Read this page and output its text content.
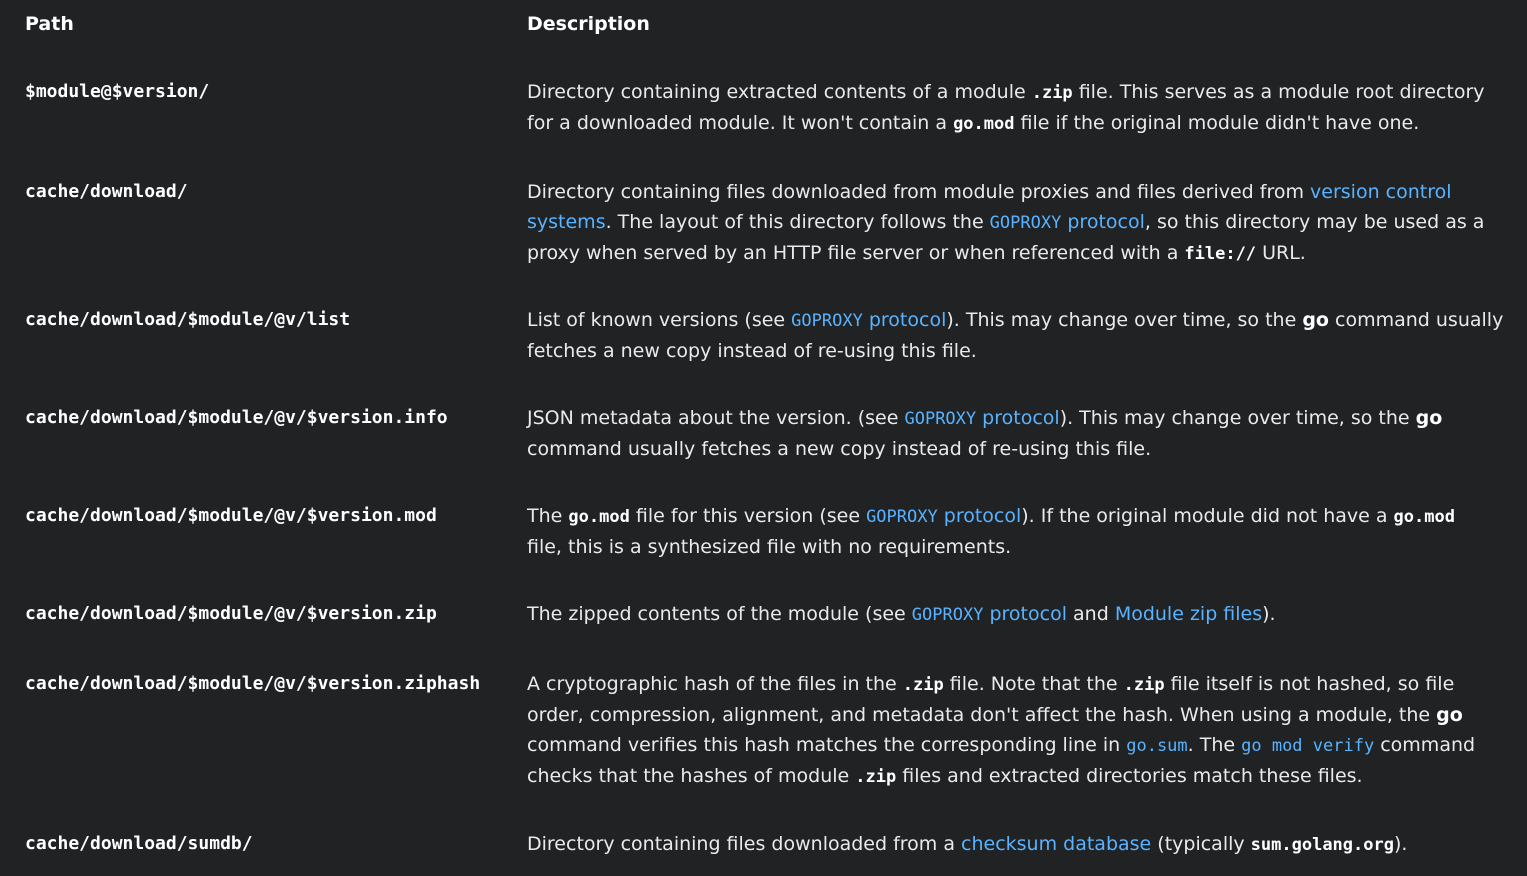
Path	Description
$module@$version/	Directory containing extracted contents of a module .zip file. This serves as a module root directory
for a downloaded module. It won't contain a go.mod file if the original module didn't have one.
cache/download/	Directory containing files downloaded from module proxies and files derived from version control
systems. The layout of this directory follows the GOPROXY protocol, so this directory may be used as a
proxy when served by an HTTP file server or when referenced with a file:// URL.
cache/download/$module/@v/list	List of known versions (see GOPROXY protocol). This may change over time, so the go command usually
fetches a new copy instead of re-using this file.
cache/download/$module/@v/$version.info	JSON metadata about the version. (see GOPROXY protocol). This may change over time, so the go
command usually fetches a new copy instead of re-using this file.
cache/download/$module/@v/$version.mod	The go.mod file for this version (see GOPROXY protocol). If the original module did not have a go.mod
file, this is a synthesized file with no requirements.
cache/download/$module/@v/$version.zip	The zipped contents of the module (see GOPROXY protocol and Module zip files).
cache/download/$module/@v/$version.ziphash A cryptographic hash of the files in the .zip file. Note that the .zip file itself is not hashed, so file
order, compression, alignment, and metadata don't affect the hash. When using a module, the go
command verifies this hash matches the corresponding line in go.sum. The go mod verify command
checks that the hashes of module .zip files and extracted directories match these files.
cache/download/sumdb/	Directory containing files downloaded from a checksum database (typically sum.golang.org).
